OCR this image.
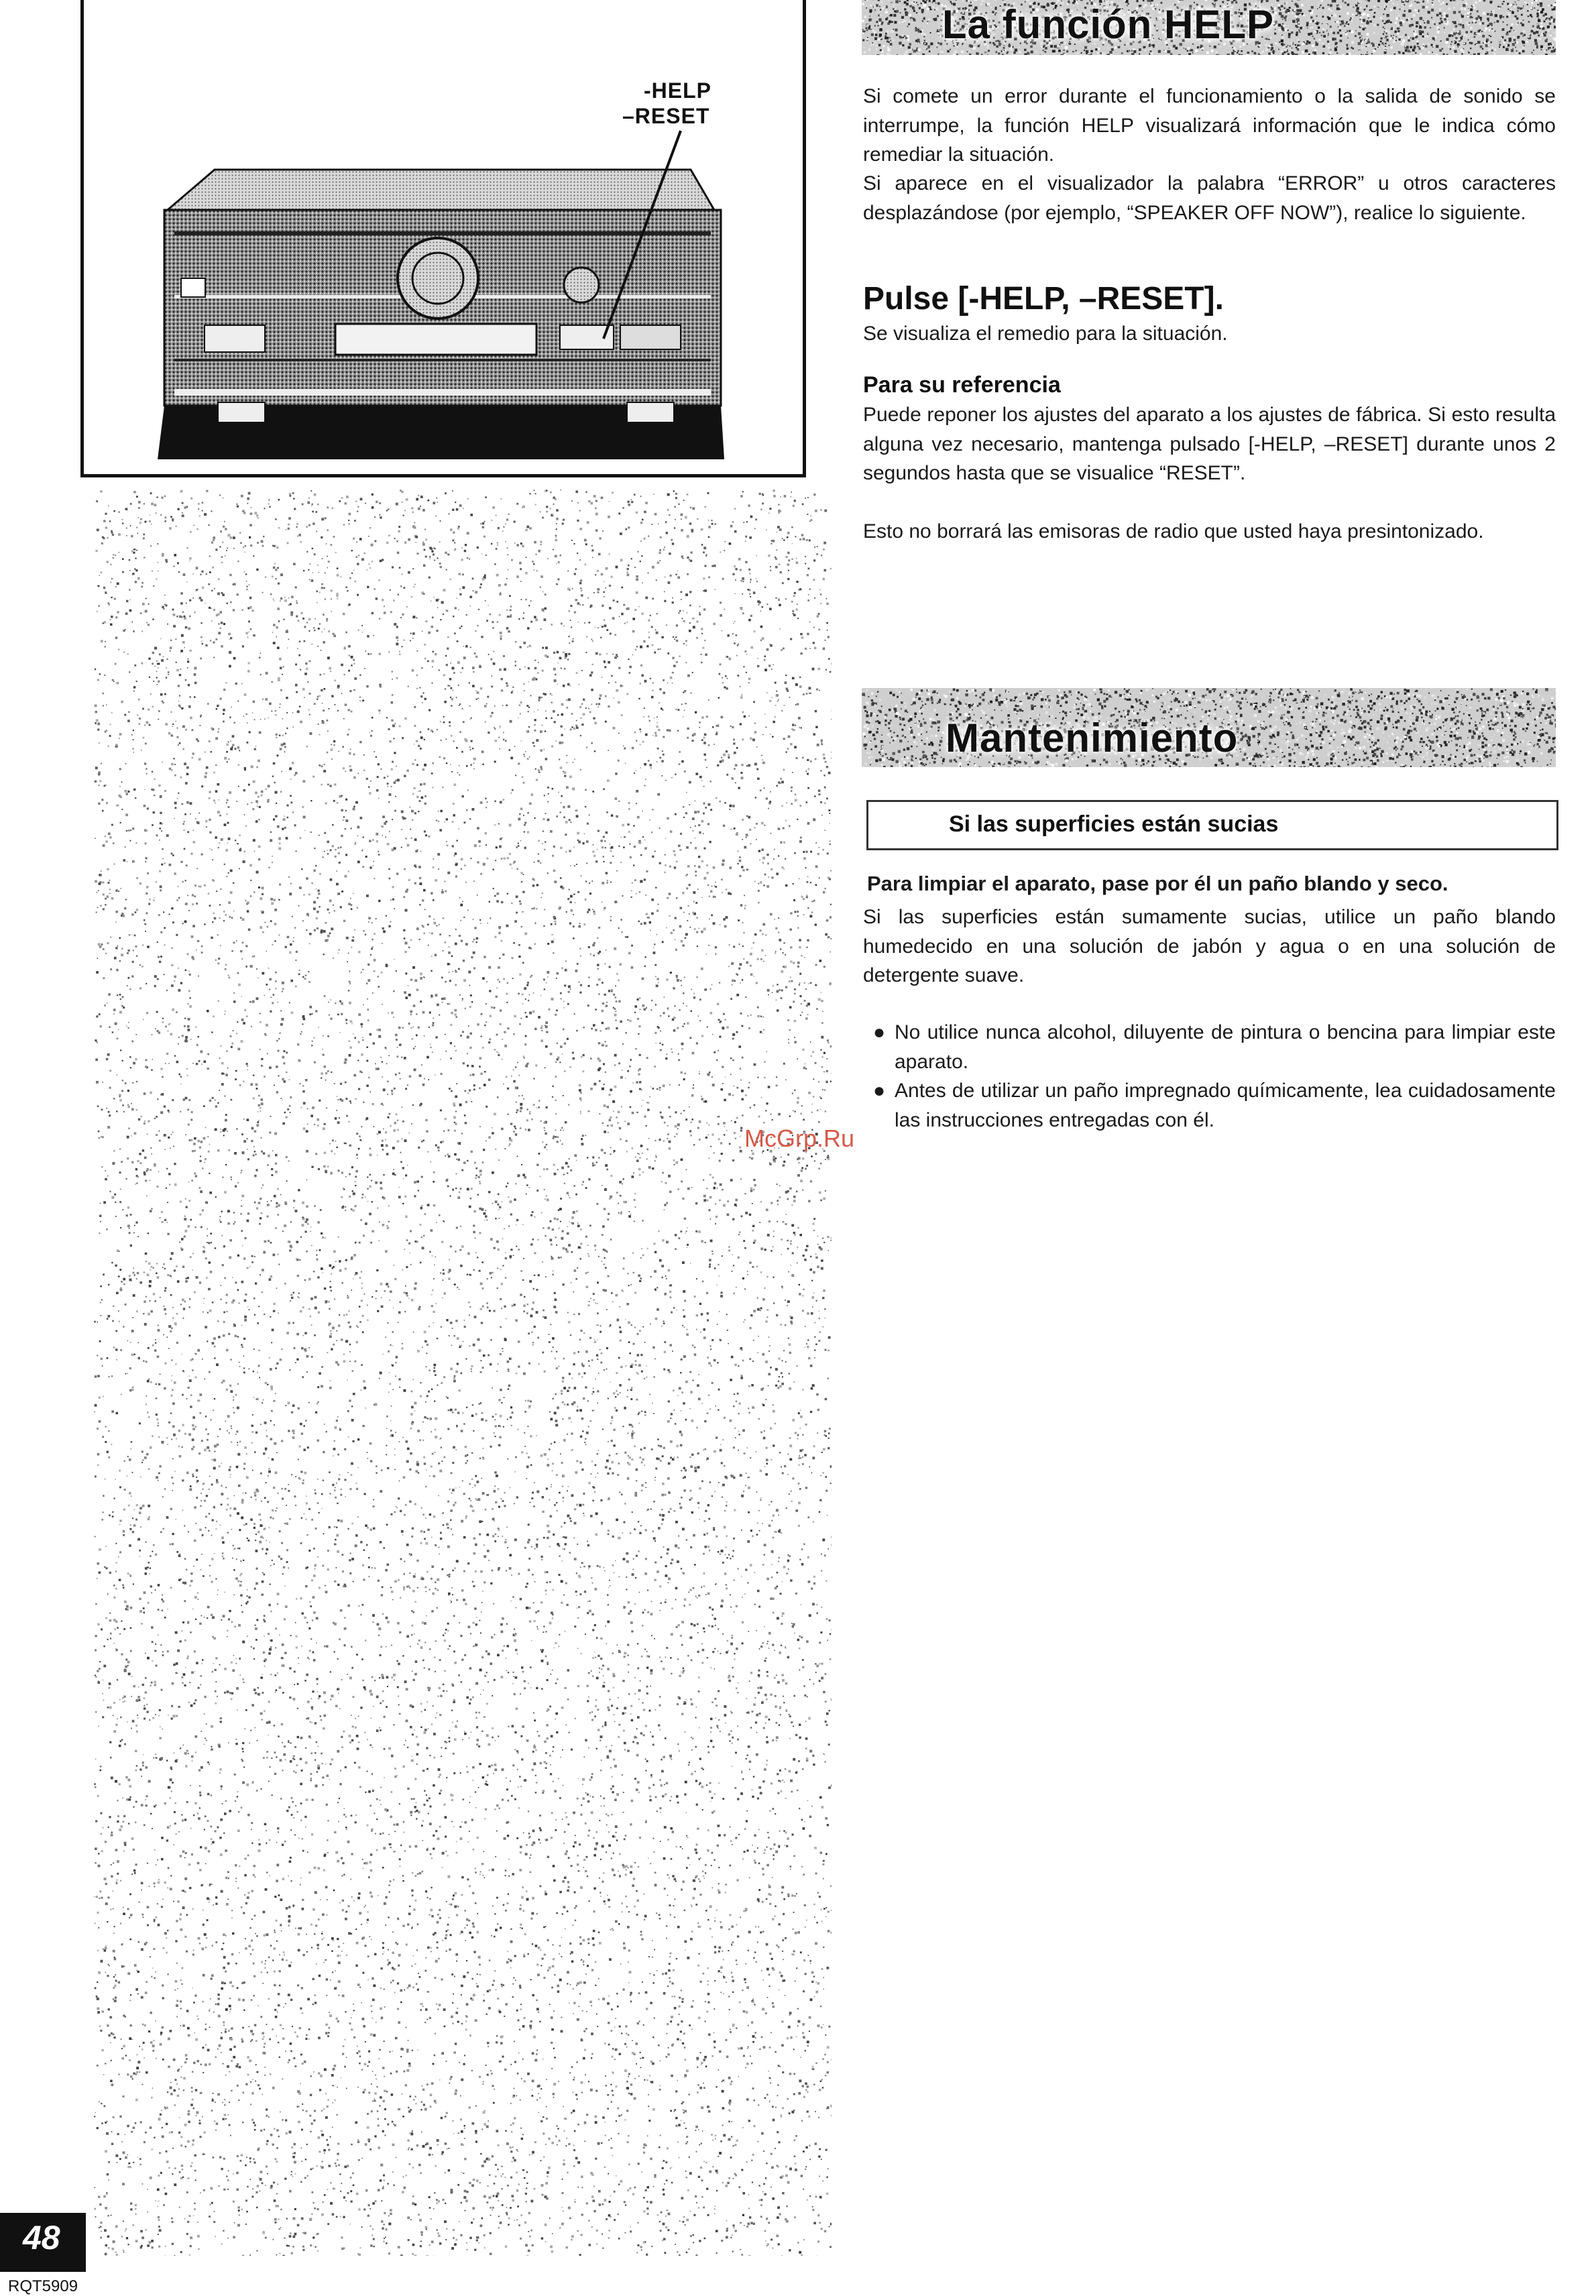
-HELP
–RESET
La función HELP
Si comete un error durante el funcionamiento o la salida de sonido se interrumpe, la función HELP visualizará información que le indica cómo remediar la situación.
Si aparece en el visualizador la palabra “ERROR” u otros caracteres desplazándose (por ejemplo, “SPEAKER OFF NOW”), realice lo siguiente.
Pulse [-HELP, –RESET].
Se visualiza el remedio para la situación.
Para su referencia
Puede reponer los ajustes del aparato a los ajustes de fábrica. Si esto resulta alguna vez necesario, mantenga pulsado [-HELP, –RESET] durante unos 2 segundos hasta que se visualice “RESET”.
Esto no borrará las emisoras de radio que usted haya presintonizado.
Mantenimiento
Si las superficies están sucias
Para limpiar el aparato, pase por él un paño blando y seco.
Si las superficies están sumamente sucias, utilice un paño blando humedecido en una solución de jabón y agua o en una solución de detergente suave.
● No utilice nunca alcohol, diluyente de pintura o bencina para limpiar este aparato.
● Antes de utilizar un paño impregnado químicamente, lea cuidadosamente las instrucciones entregadas con él.
McGrp.Ru
48
RQT5909
